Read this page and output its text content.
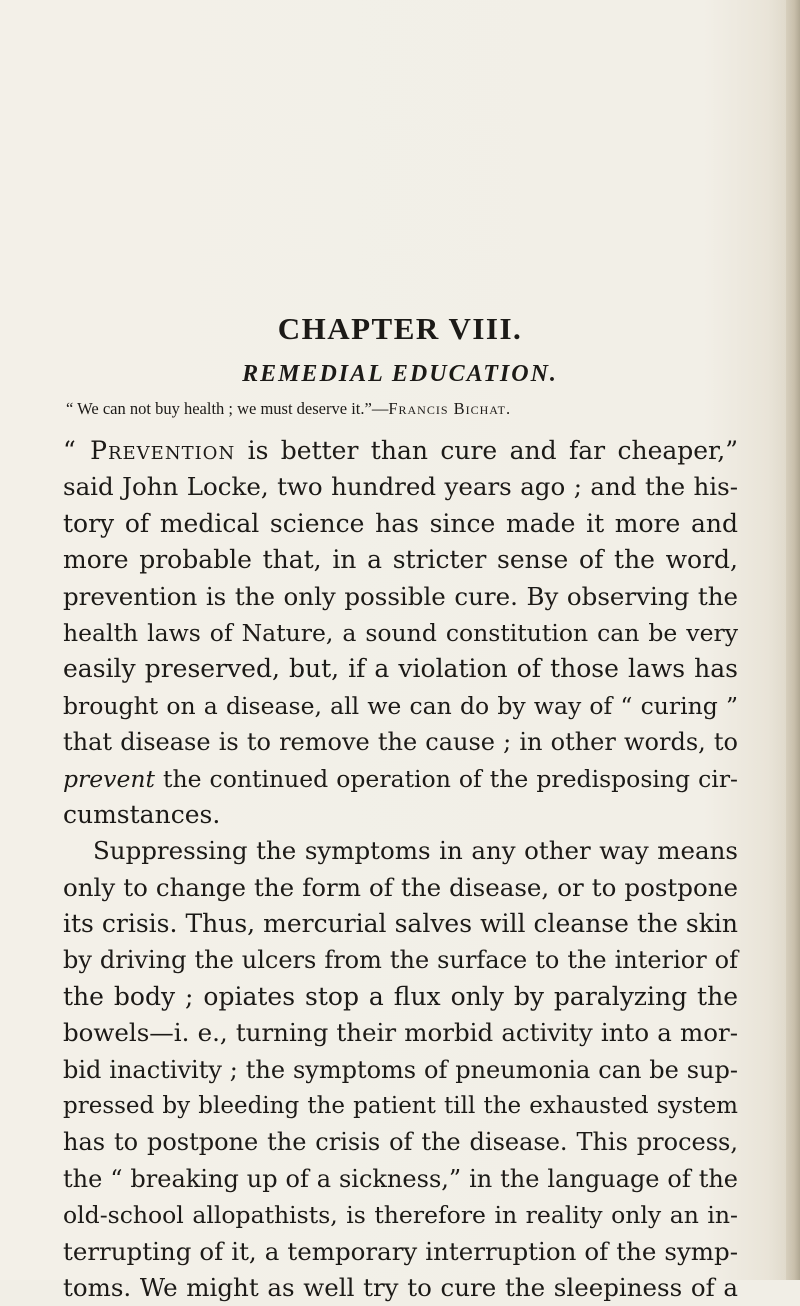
CHAPTER VIII.
REMEDIAL EDUCATION.

“ We can not buy health ; we must deserve it.”—Francis Bichat.

“ Prevention is better than cure and far cheaper,”
said John Locke, two hundred years ago ; and the his-
tory of medical science has since made it more and
more probable that, in a stricter sense of the word,
prevention is the only possible cure. By observing the
health laws of Nature, a sound constitution can be very
easily preserved, but, if a violation of those laws has
brought on a disease, all we can do by way of “ curing ”
that disease is to remove the cause ; in other words, to
prevent the continued operation of the predisposing cir-
cumstances.
Suppressing the symptoms in any other way means
only to change the form of the disease, or to postpone
its crisis. Thus, mercurial salves will cleanse the skin
by driving the ulcers from the surface to the interior of
the body ; opiates stop a flux only by paralyzing the
bowels—i. e., turning their morbid activity into a mor-
bid inactivity ; the symptoms of pneumonia can be sup-
pressed by bleeding the patient till the exhausted system
has to postpone the crisis of the disease. This process,
the “ breaking up of a sickness,” in the language of the
old-school allopathists, is therefore in reality only an in-
terrupting of it, a temporary interruption of the symp-
toms. We might as well try to cure the sleepiness of a
